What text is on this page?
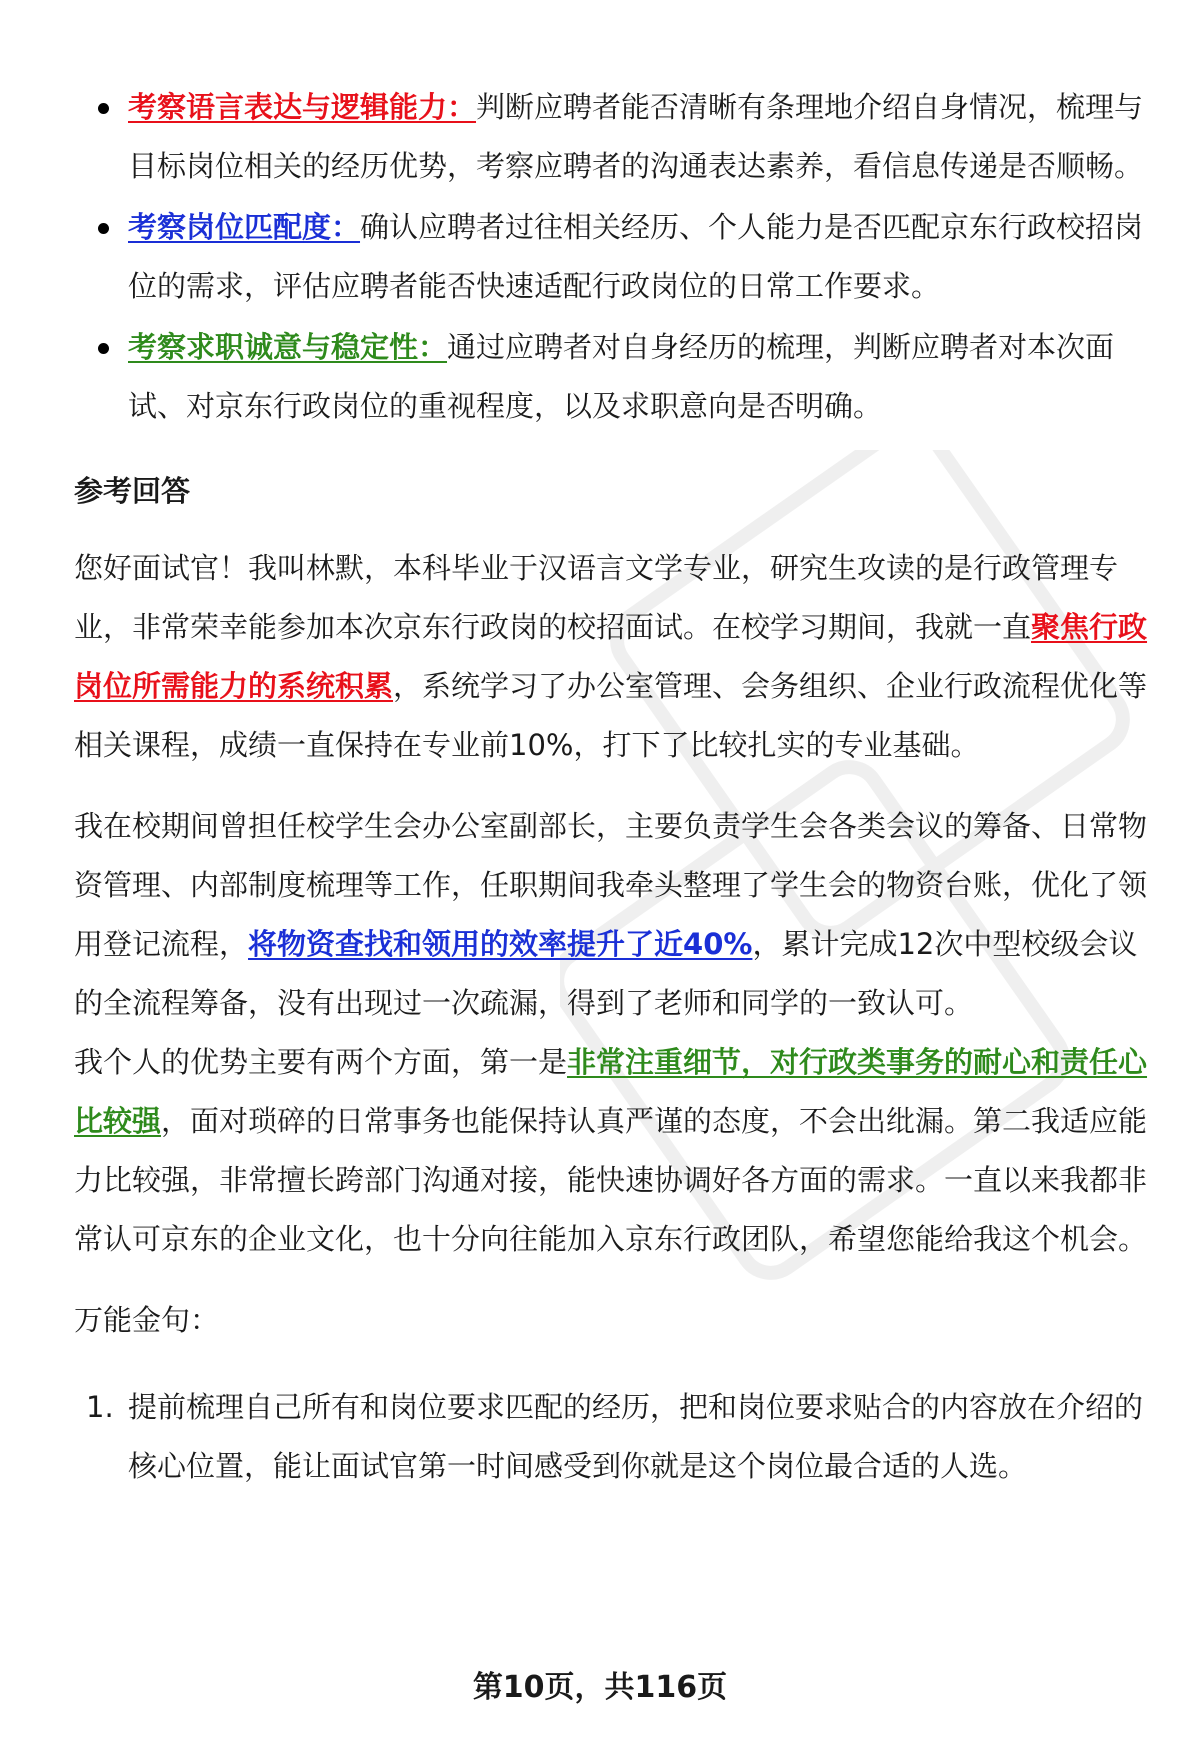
考察语言表达与逻辑能力：判断应聘者能否清晰有条理地介绍自身情况，梳理与目标岗位相关的经历优势，考察应聘者的沟通表达素养，看信息传递是否顺畅。
考察岗位匹配度：确认应聘者过往相关经历、个人能力是否匹配京东行政校招岗位的需求，评估应聘者能否快速适配行政岗位的日常工作要求。
考察求职诚意与稳定性：通过应聘者对自身经历的梳理，判断应聘者对本次面试、对京东行政岗位的重视程度，以及求职意向是否明确。
参考回答

您好面试官！我叫林默，本科毕业于汉语言文学专业，研究生攻读的是行政管理专业，非常荣幸能参加本次京东行政岗的校招面试。在校学习期间，我就一直聚焦行政岗位所需能力的系统积累，系统学习了办公室管理、会务组织、企业行政流程优化等相关课程，成绩一直保持在专业前10%，打下了比较扎实的专业基础。

我在校期间曾担任校学生会办公室副部长，主要负责学生会各类会议的筹备、日常物资管理、内部制度梳理等工作，任职期间我牵头整理了学生会的物资台账，优化了领用登记流程，将物资查找和领用的效率提升了近40%，累计完成12次中型校级会议的全流程筹备，没有出现过一次疏漏，得到了老师和同学的一致认可。

我个人的优势主要有两个方面，第一是非常注重细节，对行政类事务的耐心和责任心比较强，面对琐碎的日常事务也能保持认真严谨的态度，不会出纰漏。第二我适应能力比较强，非常擅长跨部门沟通对接，能快速协调好各方面的需求。一直以来我都非常认可京东的企业文化，也十分向往能加入京东行政团队，希望您能给我这个机会。

万能金句：

1. 提前梳理自己所有和岗位要求匹配的经历，把和岗位要求贴合的内容放在介绍的核心位置，能让面试官第一时间感受到你就是这个岗位最合适的人选。
第10页，共116页
